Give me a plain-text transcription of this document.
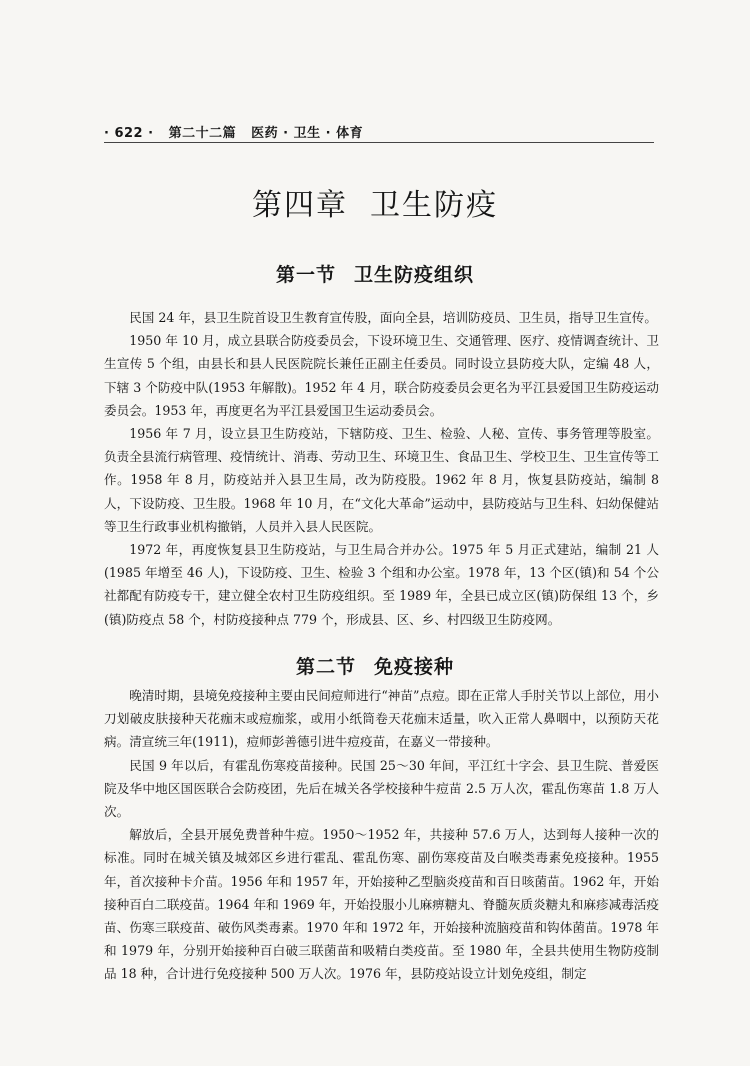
· 622 · 第二十二篇 医药 · 卫生 · 体育
第四章 卫生防疫
第一节 卫生防疫组织

民国 24 年，县卫生院首设卫生教育宣传股，面向全县，培训防疫员、卫生员，指导卫生宣传。

1950 年 10 月，成立县联合防疫委员会，下设环境卫生、交通管理、医疗、疫情调查统计、卫生宣传 5 个组，由县长和县人民医院院长兼任正副主任委员。同时设立县防疫大队，定编 48 人，下辖 3 个防疫中队(1953 年解散)。1952 年 4 月，联合防疫委员会更名为平江县爱国卫生防疫运动委员会。1953 年，再度更名为平江县爱国卫生运动委员会。

1956 年 7 月，设立县卫生防疫站，下辖防疫、卫生、检验、人秘、宣传、事务管理等股室。负责全县流行病管理、疫情统计、消毒、劳动卫生、环境卫生、食品卫生、学校卫生、卫生宣传等工作。1958 年 8 月，防疫站并入县卫生局，改为防疫股。1962 年 8 月，恢复县防疫站，编制 8 人，下设防疫、卫生股。1968 年 10 月，在“文化大革命”运动中，县防疫站与卫生科、妇幼保健站等卫生行政事业机构撤销，人员并入县人民医院。

1972 年，再度恢复县卫生防疫站，与卫生局合并办公。1975 年 5 月正式建站，编制 21 人(1985 年增至 46 人)，下设防疫、卫生、检验 3 个组和办公室。1978 年，13 个区(镇)和 54 个公社都配有防疫专干，建立健全农村卫生防疫组织。至 1989 年，全县已成立区(镇)防保组 13 个，乡(镇)防疫点 58 个，村防疫接种点 779 个，形成县、区、乡、村四级卫生防疫网。

第二节 免疫接种

晚清时期，县境免疫接种主要由民间痘师进行“神苗”点痘。即在正常人手肘关节以上部位，用小刀划破皮肤接种天花痂末或痘痂浆，或用小纸筒卷天花痂末适量，吹入正常人鼻咽中，以预防天花病。清宣统三年(1911)，痘师彭善德引进牛痘疫苗，在嘉义一带接种。

民国 9 年以后，有霍乱伤寒疫苗接种。民国 25～30 年间，平江红十字会、县卫生院、普爱医院及华中地区国医联合会防疫团，先后在城关各学校接种牛痘苗 2.5 万人次，霍乱伤寒苗 1.8 万人次。

解放后，全县开展免费普种牛痘。1950～1952 年，共接种 57.6 万人，达到每人接种一次的标准。同时在城关镇及城郊区乡进行霍乱、霍乱伤寒、副伤寒疫苗及白喉类毒素免疫接种。1955 年，首次接种卡介苗。1956 年和 1957 年，开始接种乙型脑炎疫苗和百日咳菌苗。1962 年，开始接种百白二联疫苗。1964 年和 1969 年，开始投服小儿麻痹糖丸、脊髓灰质炎糖丸和麻疹减毒活疫苗、伤寒三联疫苗、破伤风类毒素。1970 年和 1972 年，开始接种流脑疫苗和钩体菌苗。1978 年和 1979 年，分别开始接种百白破三联菌苗和吸精白类疫苗。至 1980 年，全县共使用生物防疫制品 18 种，合计进行免疫接种 500 万人次。1976 年，县防疫站设立计划免疫组，制定
